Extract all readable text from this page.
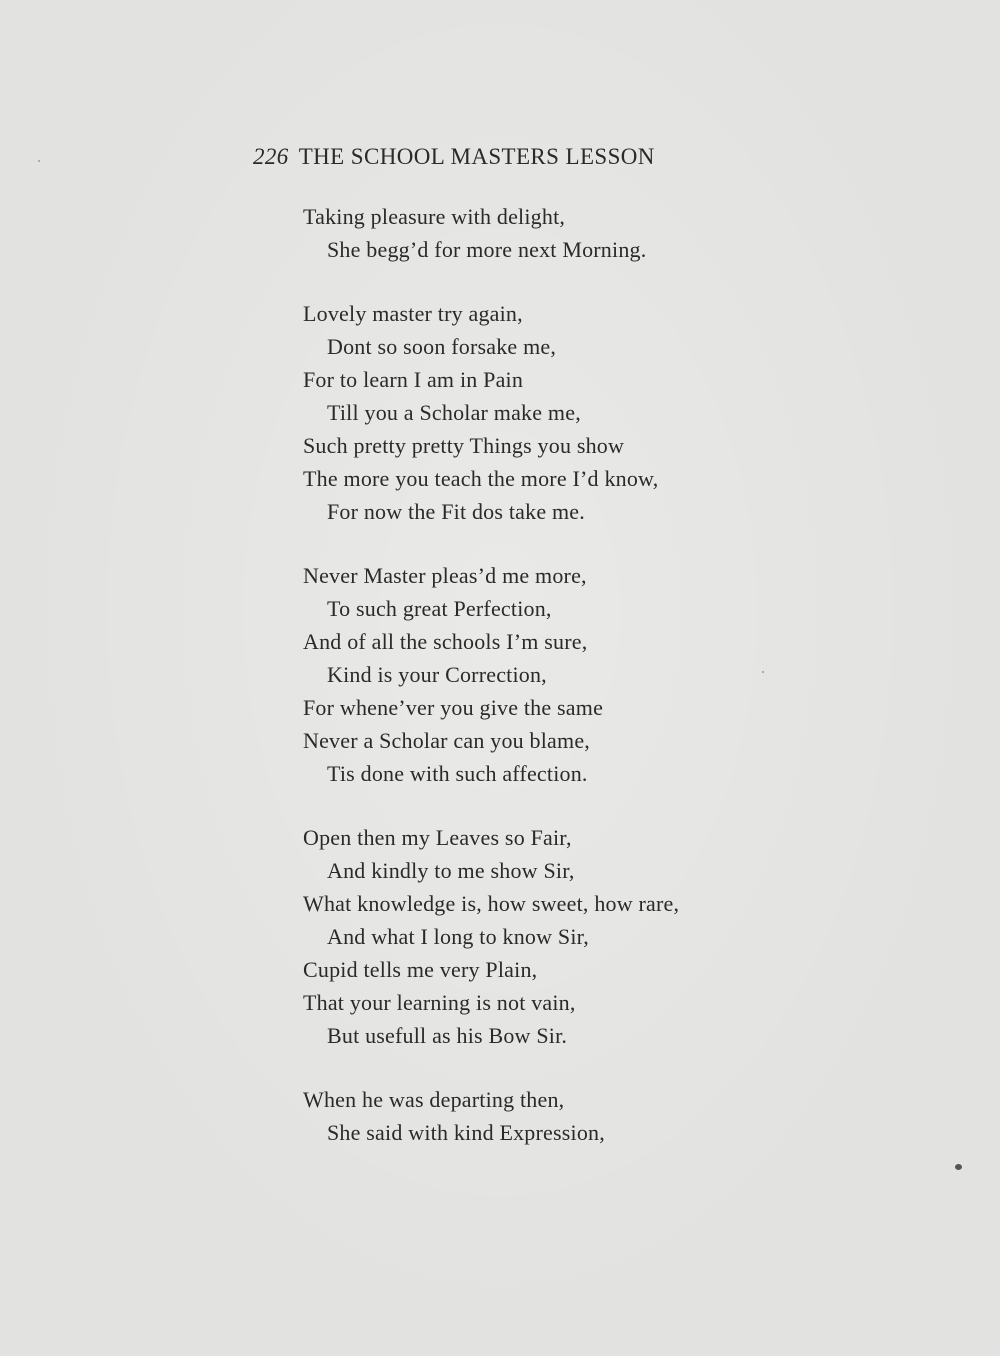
226 THE SCHOOL MASTERS LESSON
Taking pleasure with delight,
She begg’d for more next Morning.
Lovely master try again,
Dont so soon forsake me,
For to learn I am in Pain
Till you a Scholar make me,
Such pretty pretty Things you show
The more you teach the more I’d know,
For now the Fit dos take me.
Never Master pleas’d me more,
To such great Perfection,
And of all the schools I’m sure,
Kind is your Correction,
For whene’ver you give the same
Never a Scholar can you blame,
Tis done with such affection.
Open then my Leaves so Fair,
And kindly to me show Sir,
What knowledge is, how sweet, how rare,
And what I long to know Sir,
Cupid tells me very Plain,
That your learning is not vain,
But usefull as his Bow Sir.
When he was departing then,
She said with kind Expression,
